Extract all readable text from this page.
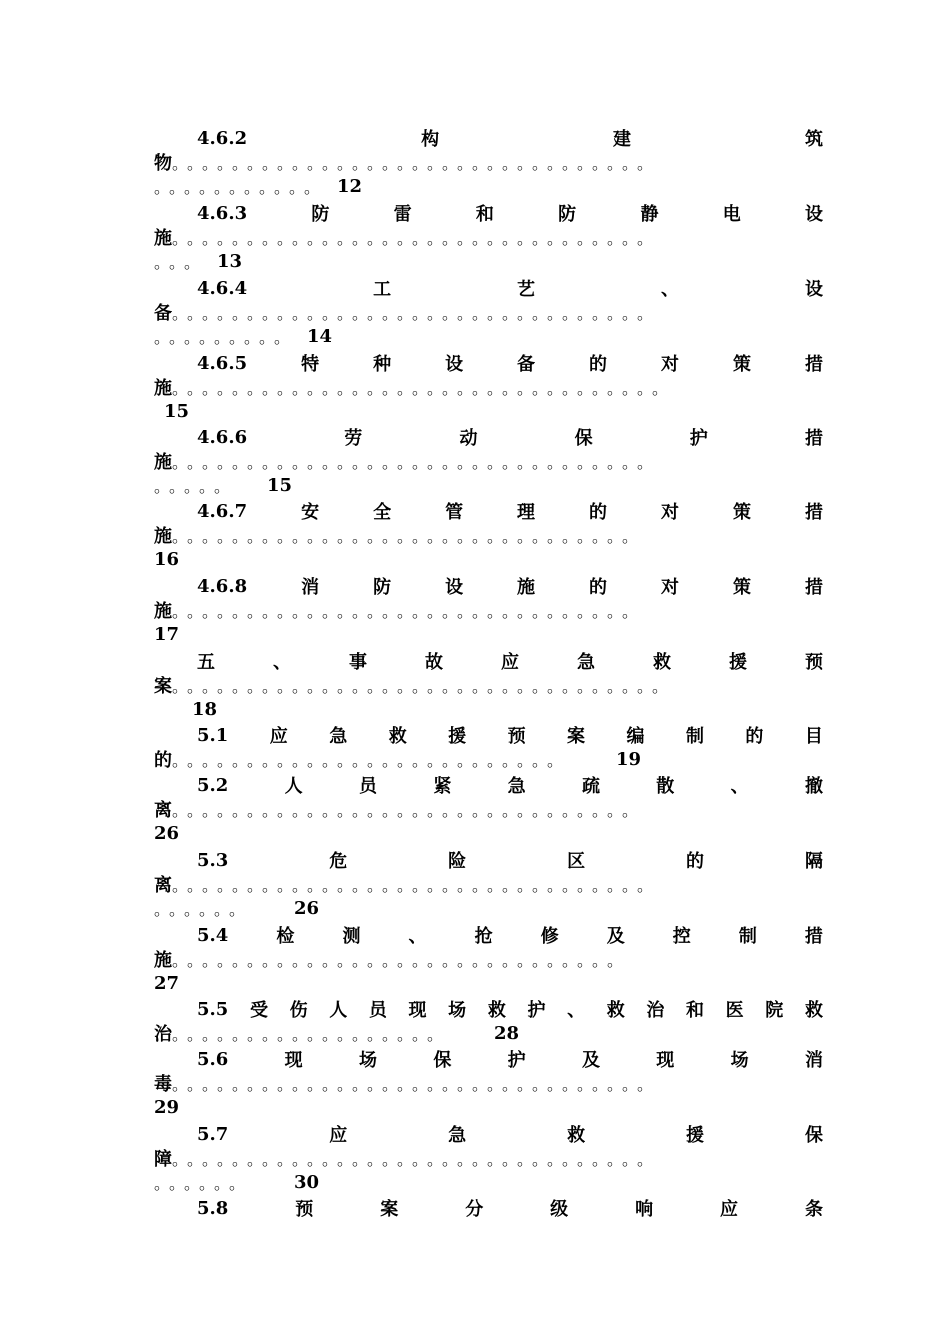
4.6.2	构	建	筑
物 。。。。。。。。。。。。。。。。。。。。。。。。。。。。。。。。
。。。。。。。。。。。 12
4.6.3	防	雷	和	防	静	电	设
施 。。。。。。。。。。。。。。。。。。。。。。。。。。。。。。。。
。。。 13
4.6.4	工	艺	、	设
备 。。。。。。。。。。。。。。。。。。。。。。。。。。。。。。。。
。。。。。。。。。 14
4.6.5	特	种	设	备	的	对	策	措
施 。。。。。。。。。。。。。。。。。。。。。。。。。。。。。。。。。
15
4.6.6	劳	动	保	护	措
施 。。。。。。。。。。。。。。。。。。。。。。。。。。。。。。。。
。。。。。 15
4.6.7	安	全	管	理	的	对	策	措
施 。。。。。。。。。。。。。。。。。。。。。。。。。。。。。。。
16
4.6.8	消	防	设	施	的	对	策	措
施 。。。。。。。。。。。。。。。。。。。。。。。。。。。。。。。
17
五	、	事	故	应	急	救	援	预
案 。。。。。。。。。。。。。。。。。。。。。。。。。。。。。。。。。
18
5.1 应 急 救 援 预 案 编 制 的 目
的 。。。。。。。。。。。。。。。。。。。。。。。。。。	19
5.2	人	员	紧	急	疏	散	、	撤
离 。。。。。。。。。。。。。。。。。。。。。。。。。。。。。。。
26
5.3	危	险	区	的	隔
离 。。。。。。。。。。。。。。。。。。。。。。。。。。。。。。。。
。。。。。。 26
5.4	检	测	、	抢	修	及	控	制	措
施 。。。。。。。。。。。。。。。。。。。。。。。。。。。。。。
27
5.5 受 伤 人 员 现 场 救 护 、 救 治 和 医 院 救
治 。。。。。。。。。。。。。。。。。。 28
5.6	现	场	保	护	及	现	场	消
毒 。。。。。。。。。。。。。。。。。。。。。。。。。。。。。。。。
29
5.7	应	急	救	援	保
障 。。。。。。。。。。。。。。。。。。。。。。。。。。。。。。。。
。。。。。。 30
5.8	预	案	分	级	响	应	条
